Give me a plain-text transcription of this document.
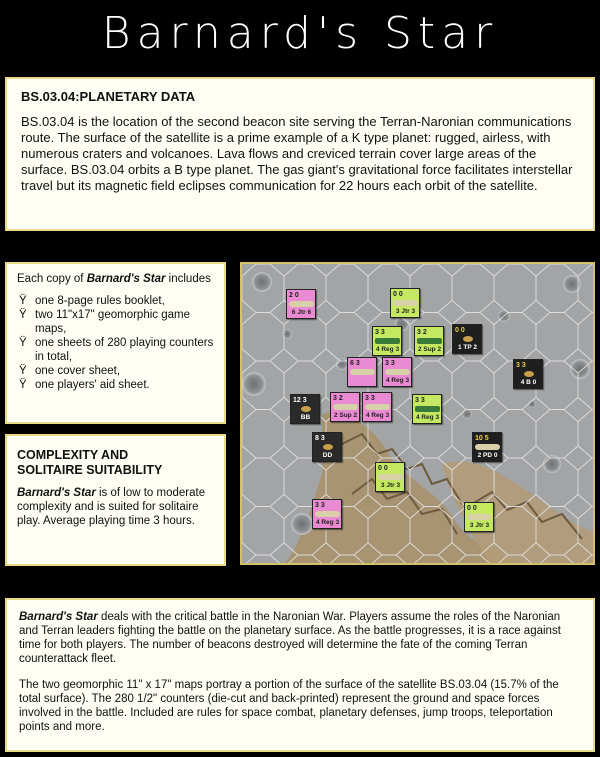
Barnard's Star

BS.03.04:PLANETARY DATA

BS.03.04 is the location of the second beacon site serving the Terran-Naronian communications route. The surface of the satellite is a prime example of a K type planet: rugged, airless, with numerous craters and volcanoes. Lava flows and creviced terrain cover large areas of the surface. BS.03.04 orbits a B type planet. The gas giant's gravitational force facilitates interstellar travel but its magnetic field eclipses communication for 22 hours each orbit of the satellite.

Each copy of Barnard's Star includes
Ÿ one 8-page rules booklet,
Ÿ two 11"x17" geomorphic game maps,
Ÿ one sheets of 280 playing counters in total,
Ÿ one cover sheet,
Ÿ one players' aid sheet.
COMPLEXITY AND
SOLITAIRE SUITABILITY
Barnard's Star is of low to moderate complexity and is suited for solitaire play. Average playing time 3 hours.
2 0
6 Jtr 6
0 0
3 Jtr 3
3 3
4 Reg 3
3 2
2 Sup 2
0 0
1 TP 2
3 3
4 B 0
6 3	3 3
4 Reg 3
12 3
BB
3 2
2 Sup 2
3 3
4 Reg 3
3 3
4 Reg 3
8 3
DD
10 5
2 PD 0
0 0
3 Jtr 3
3 3
4 Reg 3
0 0
3 Jtr 3

Barnard's Star deals with the critical battle in the Naronian War. Players assume the roles of the Naronian and Terran leaders fighting the battle on the planetary surface. As the battle progresses, it is a race against time for both players. The number of beacons destroyed will determine the fate of the coming Terran counterattack fleet.

The two geomorphic 11" x 17" maps portray a portion of the surface of the satellite BS.03.04 (15.7% of the total surface). The 280 1/2" counters (die-cut and back-printed) represent the ground and space forces involved in the battle. Included are rules for space combat, planetary defenses, jump troops, teleportation points and more.
